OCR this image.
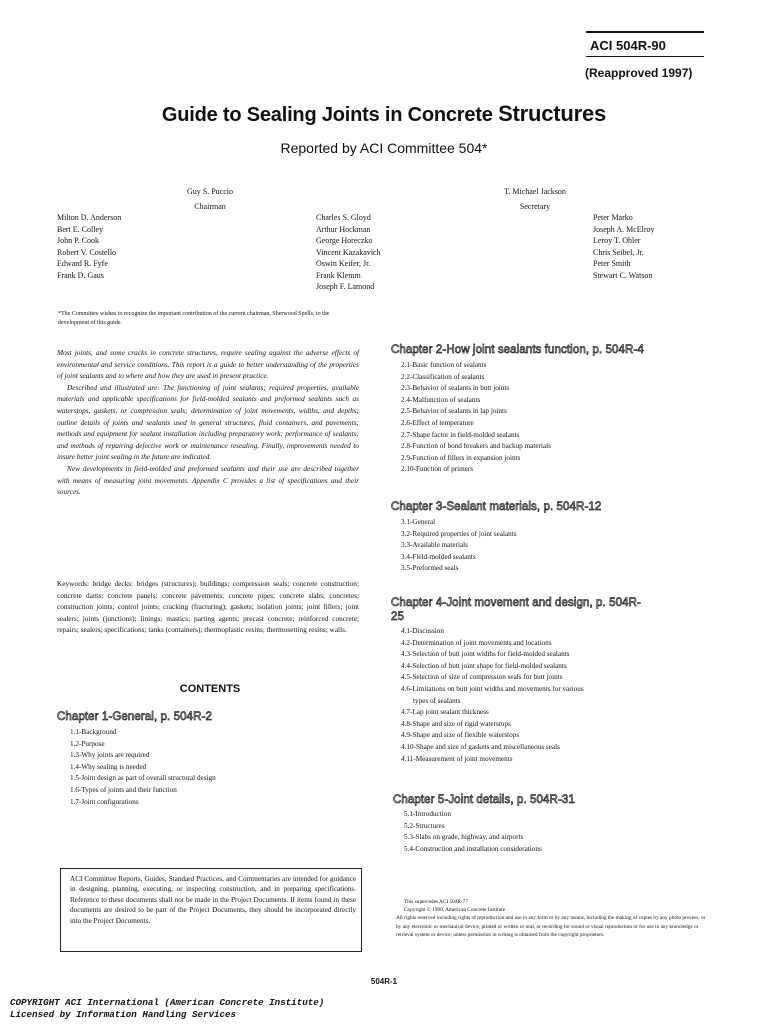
ACI 504R-90
(Reapproved 1997)
Guide to Sealing Joints in Concrete Structures
Reported by ACI Committee 504*
Guy S. Puccio
Chairman
T. Michael Jackson
Secretary
Milton D. Anderson
Bert E. Colley
John P. Cook
Robert V. Costello
Edward R. Fyfe
Frank D. Gaus
Charles S. Gloyd
Arthur Hockman
George Horeczko
Vincent Kazakavich
Oswin Keifer, Jr.
Frank Klemm
Joseph F. Lamond
Peter Marko
Joseph A. McElroy
Leroy T. Ohler
Chris Seibel, Jr.
Peter Smith
Stewart C. Watson
*The Committee wishes to recognize the important contribution of the current chairman, Sherwood Spells, to the development of this guide.

Most joints, and some cracks in concrete structures, require sealing against the adverse effects of environmental and service conditions. This report is a guide to better understanding of the properties of joint sealants and to where and how they are used in present practice.

Described and illustrated are: The functioning of joint sealants; required properties, available materials and applicable specifications for field-molded sealants and preformed sealants such as waterstops, gaskets, or compression seals; determination of joint movements, widths, and depths; outline details of joints and sealants used in general structures, fluid containers, and pavements; methods and equipment for sealant installation including preparatory work; performance of sealants; and methods of repairing defective work or maintenance resealing. Finally, improvements needed to insure better joint sealing in the future are indicated.

New developments in field-molded and preformed sealants and their use are described together with means of measuring joint movements. Appendix C provides a list of specifications and their sources.

Keywords: bridge decks: bridges (structures); buildings; compression seals; concrete construction; concrete dams; concrete panels; concrete pavements; concrete pipes; concrete slabs; concretes; construction joints; control joints; cracking (fracturing); gaskets; isolation joints; joint fillers; joint sealers; joints (junctions); linings; mastics; parting agents; precast concrete; reinforced concrete; repairs; sealers; specifications; tanks (containers); thermoplastic resins; thermosetting resins; walls.
CONTENTS
Chapter 1-General, p. 504R-2
1.1-Background
1.2-Purpose
1.3-Why joints are required
1.4-Why sealing is needed
1.5-Joint design as part of overall structural design
1.6-Types of joints and their function
1.7-Joint configurations
ACI Committee Reports, Guides, Standard Practices, and Commentaries are intended for guidance in designing, planning, executing, or inspecting construction, and in preparing specifications. Reference to these documents shall not be made in the Project Documents. If items found in these documents are desired to be part of the Project Documents, they should be incorporated directly into the Project Documents.
Chapter 2-How joint sealants function, p. 504R-4
2.1-Basic function of sealants
2.2-Classification of sealants
2.3-Behavior of sealants in butt joints
2.4-Malfunction of sealants
2.5-Behavior of sealants in lap joints
2.6-Effect of temperature
2.7-Shape factor in field-molded sealants
2.8-Function of bond breakers and backup materials
2.9-Function of fillers in expansion joints
2.10-Function of primers
Chapter 3-Sealant materials, p. 504R-12
3.1-General
3.2-Required properties of joint sealants
3.3-Available materials
3.4-Field-molded sealants
3.5-Preformed seals
Chapter 4-Joint movement and design, p. 504R-25
4.1-Discussion
4.2-Determination of joint movements and locations
4.3-Selection of butt joint widths for field-molded sealants
4.4-Selection of butt joint shape for field-molded sealants
4.5-Selection of size of compression seals for butt joints
4.6-Limitations on butt joint widths and movements for various
types of sealants
4.7-Lap joint sealant thickness
4.8-Shape and size of rigid waterstops
4.9-Shape and size of flexible waterstops
4.10-Shape and size of gaskets and miscellaneous seals
4.11-Measurement of joint movements
Chapter 5-Joint details, p. 504R-31
5.1-Introduction
5.2-Structures
5.3-Slabs on grade, highway, and airports
5.4-Construction and installation considerations
This supercedes ACI 504R-77
Copyright © 1990, American Concrete Institute
All rights reserved including rights of reproduction and use in any form or by any means, including the making of copies by any photo process, or by any electronic or mechanical device, printed or written or oral, or recording for sound or visual reproduction or for use in any knowledge or retrieval system or device, unless permission in writing is obtained from the copyright proprietors.
504R-1
COPYRIGHT ACI International (American Concrete Institute)
Licensed by Information Handling Services
